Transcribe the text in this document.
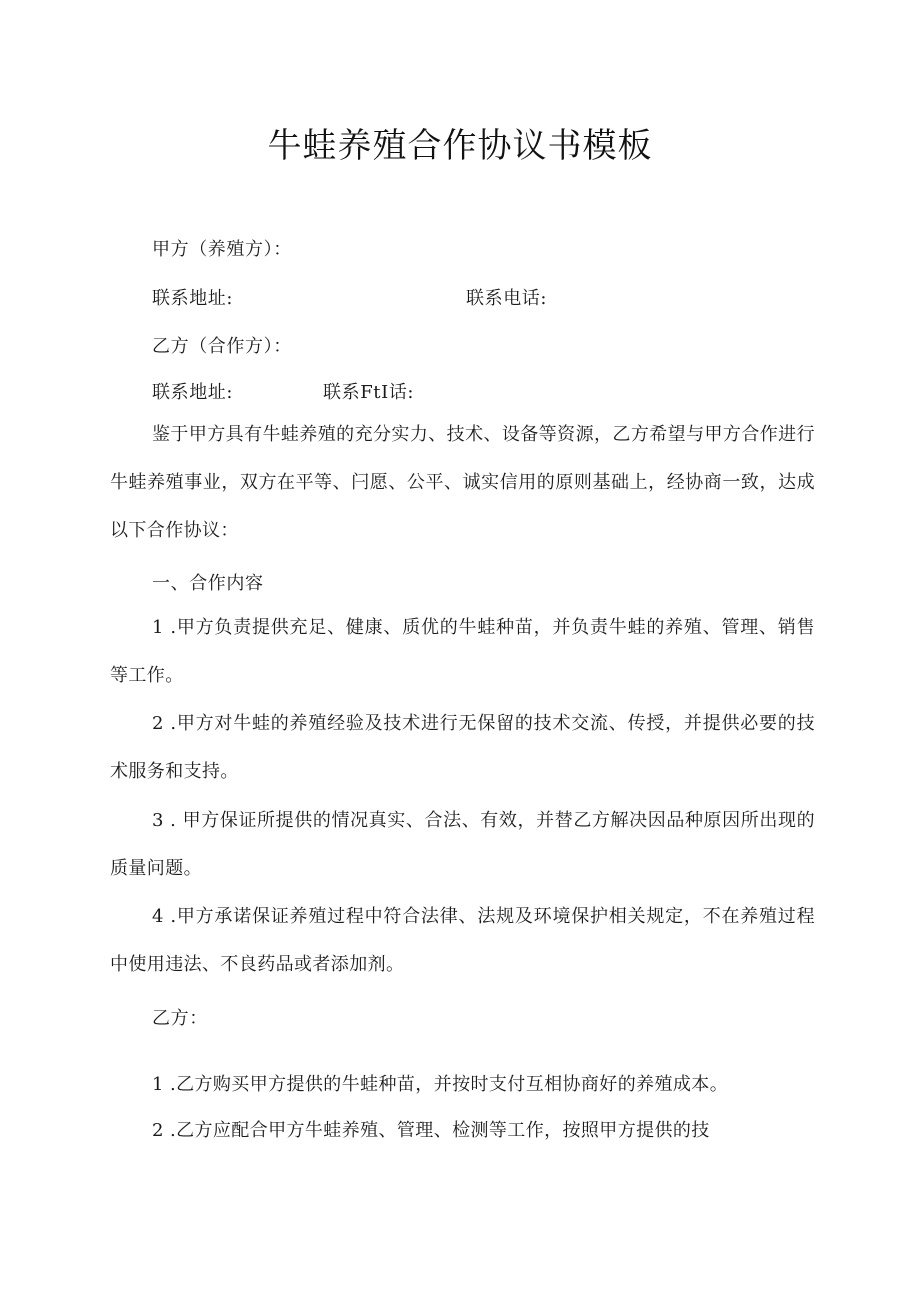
牛蛙养殖合作协议书模板
甲方（养殖方）：
联系地址:	联系电话:
乙方（合作方）：
联系地址:	联系FtI话:
鉴于甲方具有牛蛙养殖的充分实力、技术、设备等资源，乙方希望与甲方合作进行牛蛙养殖事业，双方在平等、闩愿、公平、诚实信用的原则基础上，经协商一致，达成以下合作协议：
一、合作内容
1 .甲方负责提供充足、健康、质优的牛蛙种苗，并负责牛蛙的养殖、管理、销售等工作。
2 .甲方对牛蛙的养殖经验及技术进行无保留的技术交流、传授，并提供必要的技术服务和支持。
3 . 甲方保证所提供的情况真实、合法、有效，并替乙方解决因品种原因所出现的质量问题。
4 .甲方承诺保证养殖过程中符合法律、法规及环境保护相关规定，不在养殖过程中使用违法、不良药品或者添加剂。
乙方：
1 .乙方购买甲方提供的牛蛙种苗，并按时支付互相协商好的养殖成本。
2 .乙方应配合甲方牛蛙养殖、管理、检测等工作，按照甲方提供的技
